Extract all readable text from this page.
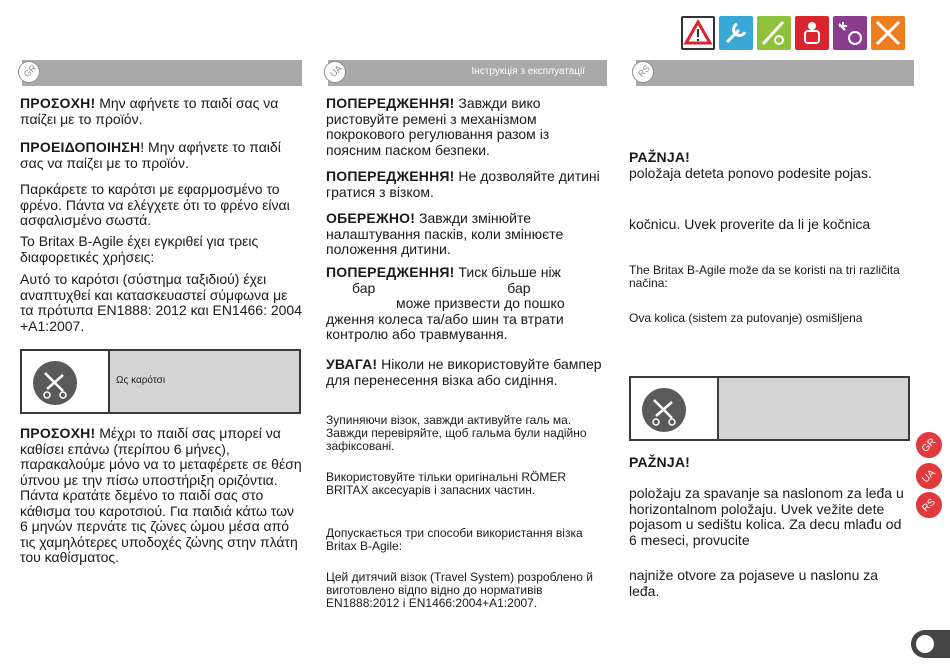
GR

ΠΡΟΣΟΧΗ! Μην αφήνετε το παιδί σας να παίζει με το προϊόν.

ΠΡΟΕΙΔΟΠΟΙΗΣΗ! Μην αφήνετε το παιδί σας να παίζει με το προϊόν.

Παρκάρετε το καρότσι με εφαρμοσμένο το φρένο. Πάντα να ελέγχετε ότι το φρένο είναι ασφαλισμένο σωστά.

Το Britax B-Agile έχει εγκριθεί για τρεις διαφορετικές χρήσεις:

Αυτό το καρότσι (σύστημα ταξιδιού) έχει αναπτυχθεί και κατασκευαστεί σύμφωνα με τα πρότυπα EN1888: 2012 και EN1466: 2004 +A1:2007.

ΠΡΟΣΟΧΗ! Μέχρι το παιδί σας μπορεί να καθίσει επάνω (περίπου 6 μήνες), παρακαλούμε μόνο να το μεταφέρετε σε θέση ύπνου με την πίσω υποστήριξη οριζόντια. Πάντα κρατάτε δεμένο το παιδί σας στο κάθισμα του καροτσιού. Για παιδιά κάτω των 6 μηνών περνάτε τις ζώνες ώμου μέσα από τις χαμηλότερες υποδοχές ζώνης στην πλάτη του καθίσματος.

Ως καρότσι
UA	Інструкція з експлуатації

ПОПЕРЕДЖЕННЯ! Завжди вико ристовуйте ремені з механізмом покрокового регулювання разом із поясним паском безпеки.

ПОПЕРЕДЖЕННЯ! Не дозволяйте дитині гратися з візком.

ОБЕРЕЖНО! Завжди змінюйте налаштування пасків, коли змінюєте положення дитини.

ПОПЕРЕДЖЕННЯ! Тиск більше ніж
бар	бар
може призвести до пошко дження колеса та/або шин та втрати контролю або травмування.

УВАГА! Ніколи не використовуйте бампер для перенесення візка або сидіння.

Зупиняючи візок, завжди активуйте галь ма. Завжди перевіряйте, щоб гальма були надійно зафіксовані.

Використовуйте тільки оригінальні RÖMER BRITAX аксесуарів і запасних частин.

Допускається три способи використання візка Britax B-Agile:

Цей дитячий візок (Travel System) розроблено й виготовлено відпо відно до нормативів EN1888:2012 і EN1466:2004+A1:2007.

RS

PAŽNJA!
položaja deteta ponovo podesite pojas.

kočnicu. Uvek proverite da li je kočnica

The Britax B-Agile može da se koristi na tri različita načina:

Ova kolica (sistem za putovanje) osmišljena

PAŽNJA!

položaju za spavanje sa naslonom za leđa u horizontalnom položaju. Uvek vežite dete pojasom u sedištu kolica. Za decu mlađu od 6 meseci, provucite

najniže otvore za pojaseve u naslonu za leđa.

GR
UA
RS
